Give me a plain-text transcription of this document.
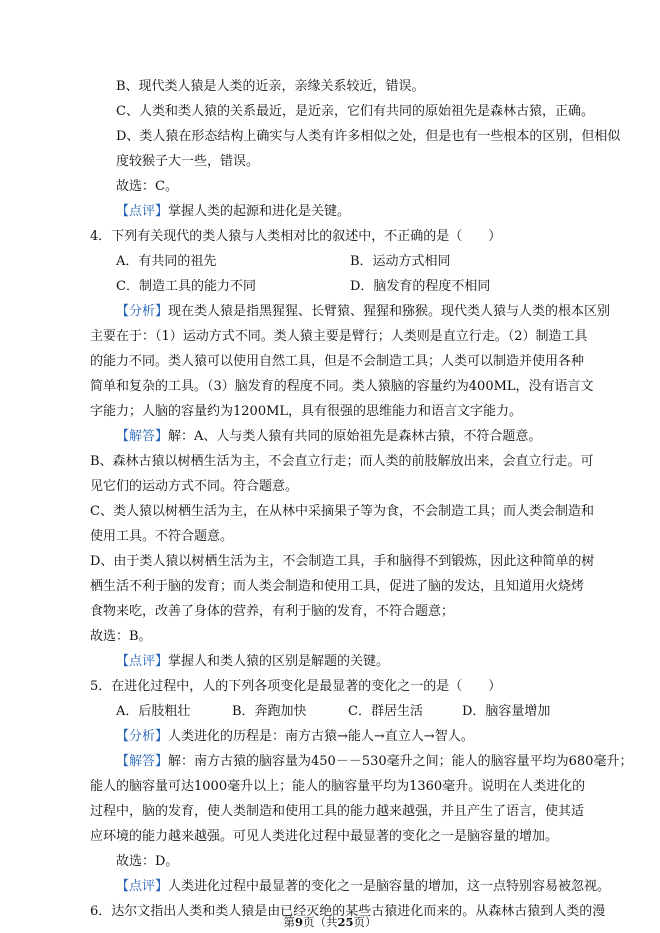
B、现代类人猿是人类的近亲，亲缘关系较近，错误。
C、人类和类人猿的关系最近，是近亲，它们有共同的原始祖先是森林古猿，正确。
D、类人猿在形态结构上确实与人类有许多相似之处，但是也有一些根本的区别，但相似
度较猴子大一些，错误。
故选：C。
【点评】掌握人类的起源和进化是关键。
4．下列有关现代的类人猿与人类相对比的叙述中，不正确的是（　　）
A．有共同的祖先	B．运动方式相同
C．制造工具的能力不同	D．脑发育的程度不相同
【分析】现在类人猿是指黑猩猩、长臂猿、猩猩和猕猴。现代类人猿与人类的根本区别
主要在于：（1）运动方式不同。类人猿主要是臂行；人类则是直立行走。（2）制造工具
的能力不同。类人猿可以使用自然工具，但是不会制造工具；人类可以制造并使用各种
简单和复杂的工具。（3）脑发育的程度不同。类人猿脑的容量约为400ML，没有语言文
字能力；人脑的容量约为1200ML，具有很强的思维能力和语言文字能力。
【解答】解：A、人与类人猿有共同的原始祖先是森林古猿，不符合题意。
B、森林古猿以树栖生活为主，不会直立行走；而人类的前肢解放出来，会直立行走。可
见它们的运动方式不同。符合题意。
C、类人猿以树栖生活为主，在从林中采摘果子等为食，不会制造工具；而人类会制造和
使用工具。不符合题意。
D、由于类人猿以树栖生活为主，不会制造工具，手和脑得不到锻炼，因此这种简单的树
栖生活不利于脑的发育；而人类会制造和使用工具，促进了脑的发达，且知道用火烧烤
食物来吃，改善了身体的营养，有利于脑的发育，不符合题意；
故选：B。
【点评】掌握人和类人猿的区别是解题的关键。
5．在进化过程中，人的下列各项变化是最显著的变化之一的是（　　）
A．后肢粗壮	B．奔跑加快	C．群居生活	D．脑容量增加
【分析】人类进化的历程是：南方古猿→能人→直立人→智人。
【解答】解：南方古猿的脑容量为450－－530毫升之间；能人的脑容量平均为680毫升；
能人的脑容量可达1000毫升以上；能人的脑容量平均为1360毫升。说明在人类进化的
过程中，脑的发育，使人类制造和使用工具的能力越来越强，并且产生了语言，使其适
应环境的能力越来越强。可见人类进化过程中最显著的变化之一是脑容量的增加。
故选：D。
【点评】人类进化过程中最显著的变化之一是脑容量的增加，这一点特别容易被忽视。
6．达尔文指出人类和类人猿是由已经灭绝的某些古猿进化而来的。从森林古猿到人类的漫
第9页（共25页）
